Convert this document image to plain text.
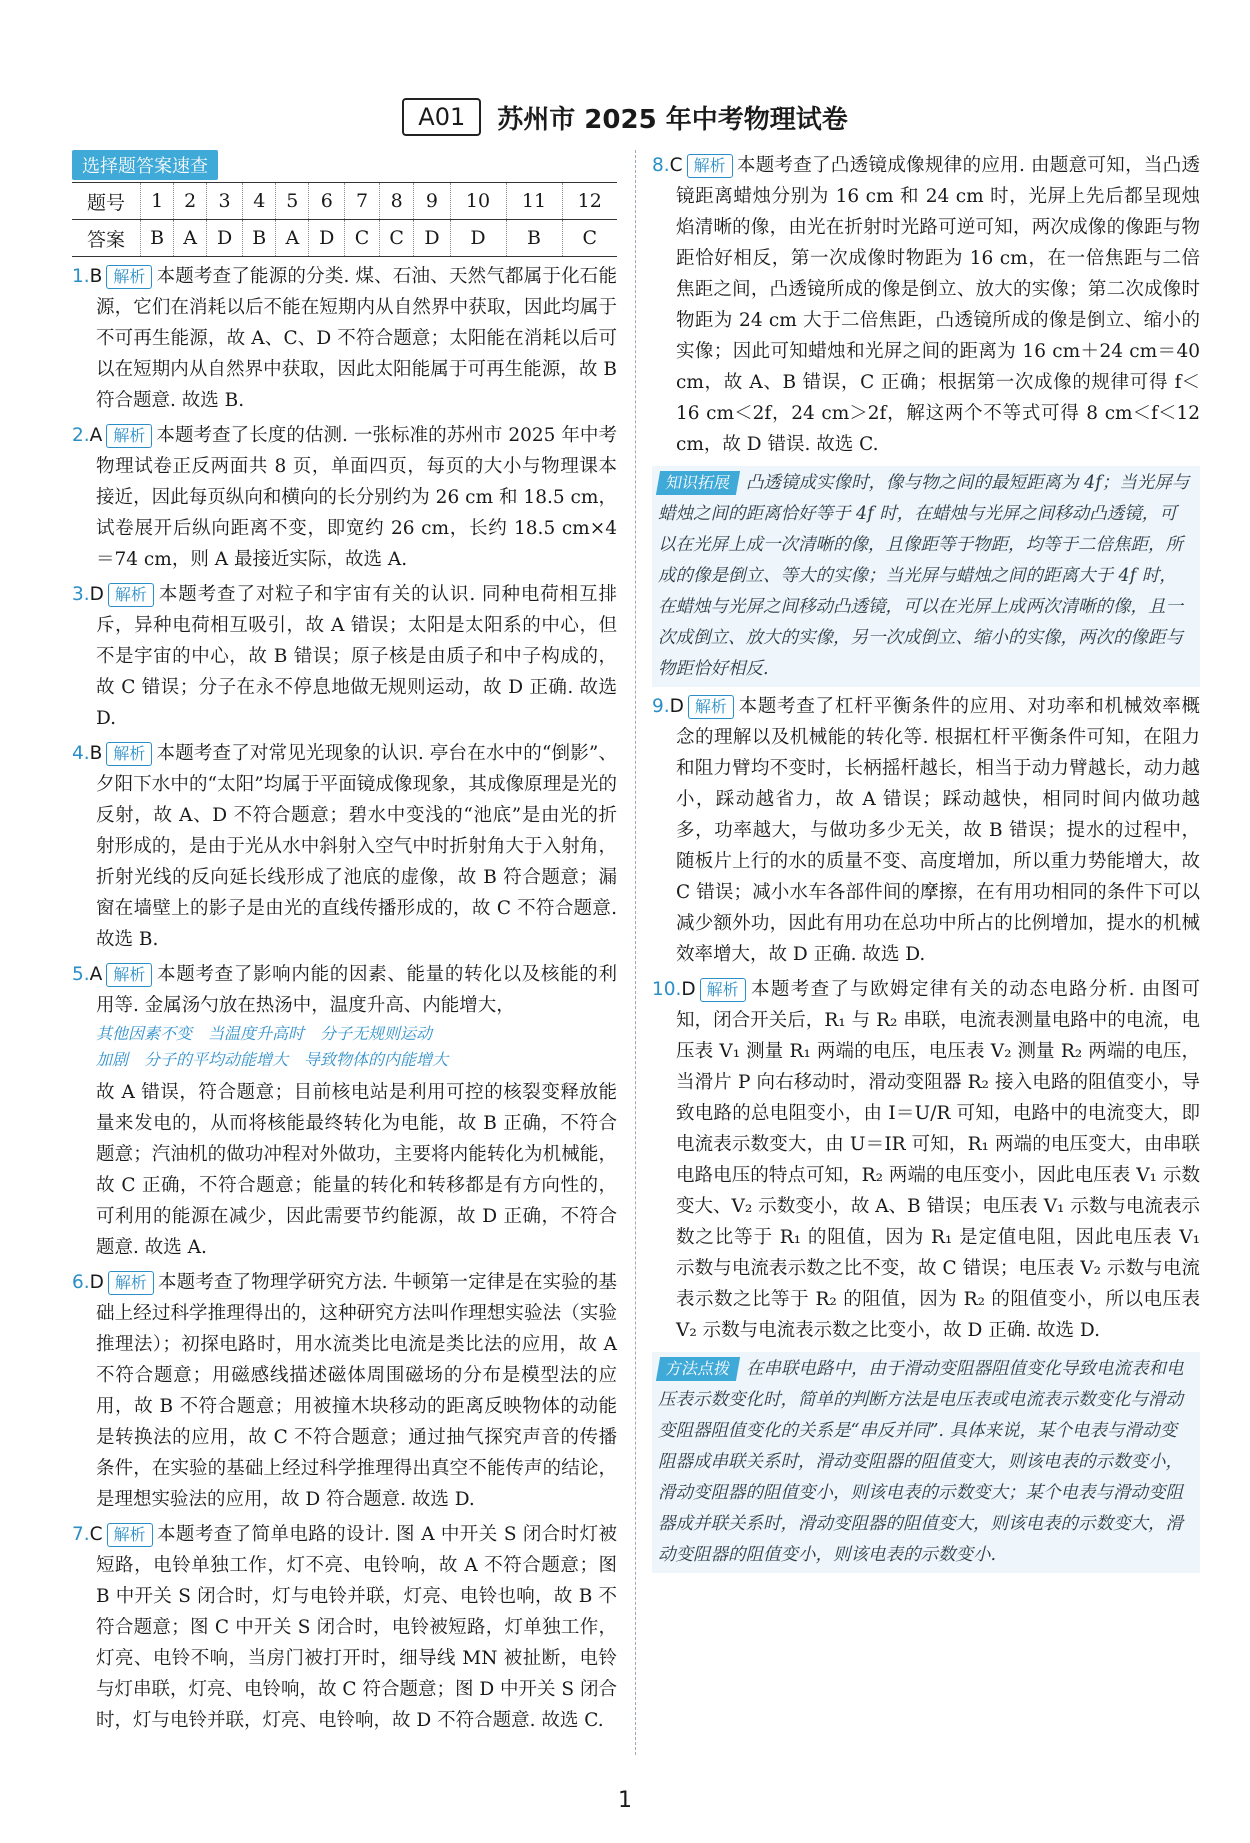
A01	苏州市 2025 年中考物理试卷
选择题答案速查
题号	1	2	3	4	5	6	7	8	9	10	11	12
答案	B	A	D	B	A	D	C	C	D	D	B	C

1.B 解析 本题考查了能源的分类. 煤、石油、天然气都属于化石能源，它们在消耗以后不能在短期内从自然界中获取，因此均属于不可再生能源，故 A、C、D 不符合题意；太阳能在消耗以后可以在短期内从自然界中获取，因此太阳能属于可再生能源，故 B 符合题意. 故选 B.

2.A 解析 本题考查了长度的估测. 一张标准的苏州市 2025 年中考物理试卷正反两面共 8 页，单面四页，每页的大小与物理课本接近，因此每页纵向和横向的长分别约为 26 cm 和 18.5 cm，试卷展开后纵向距离不变，即宽约 26 cm，长约 18.5 cm×4＝74 cm，则 A 最接近实际，故选 A.

3.D 解析 本题考查了对粒子和宇宙有关的认识. 同种电荷相互排斥，异种电荷相互吸引，故 A 错误；太阳是太阳系的中心，但不是宇宙的中心，故 B 错误；原子核是由质子和中子构成的，故 C 错误；分子在永不停息地做无规则运动，故 D 正确. 故选 D.

4.B 解析 本题考查了对常见光现象的认识. 亭台在水中的“倒影”、夕阳下水中的“太阳”均属于平面镜成像现象，其成像原理是光的反射，故 A、D 不符合题意；碧水中变浅的“池底”是由光的折射形成的，是由于光从水中斜射入空气中时折射角大于入射角，折射光线的反向延长线形成了池底的虚像，故 B 符合题意；漏窗在墙壁上的影子是由光的直线传播形成的，故 C 不符合题意. 故选 B.

5.A 解析 本题考查了影响内能的因素、能量的转化以及核能的利用等. 金属汤勺放在热汤中，温度升高、内能增大，

其他因素不变　当温度升高时　分子无规则运动

加剧　分子的平均动能增大　导致物体的内能增大

故 A 错误，符合题意；目前核电站是利用可控的核裂变释放能量来发电的，从而将核能最终转化为电能，故 B 正确，不符合题意；汽油机的做功冲程对外做功，主要将内能转化为机械能，故 C 正确，不符合题意；能量的转化和转移都是有方向性的，可利用的能源在减少，因此需要节约能源，故 D 正确，不符合题意. 故选 A.

6.D 解析 本题考查了物理学研究方法. 牛顿第一定律是在实验的基础上经过科学推理得出的，这种研究方法叫作理想实验法（实验推理法）；初探电路时，用水流类比电流是类比法的应用，故 A 不符合题意；用磁感线描述磁体周围磁场的分布是模型法的应用，故 B 不符合题意；用被撞木块移动的距离反映物体的动能是转换法的应用，故 C 不符合题意；通过抽气探究声音的传播条件，在实验的基础上经过科学推理得出真空不能传声的结论，是理想实验法的应用，故 D 符合题意. 故选 D.

7.C 解析 本题考查了简单电路的设计. 图 A 中开关 S 闭合时灯被短路，电铃单独工作，灯不亮、电铃响，故 A 不符合题意；图 B 中开关 S 闭合时，灯与电铃并联，灯亮、电铃也响，故 B 不符合题意；图 C 中开关 S 闭合时，电铃被短路，灯单独工作，灯亮、电铃不响，当房门被打开时，细导线 MN 被扯断，电铃与灯串联，灯亮、电铃响，故 C 符合题意；图 D 中开关 S 闭合时，灯与电铃并联，灯亮、电铃响，故 D 不符合题意. 故选 C.

8.C 解析 本题考查了凸透镜成像规律的应用. 由题意可知，当凸透镜距离蜡烛分别为 16 cm 和 24 cm 时，光屏上先后都呈现烛焰清晰的像，由光在折射时光路可逆可知，两次成像的像距与物距恰好相反，第一次成像时物距为 16 cm，在一倍焦距与二倍焦距之间，凸透镜所成的像是倒立、放大的实像；第二次成像时物距为 24 cm 大于二倍焦距，凸透镜所成的像是倒立、缩小的实像；因此可知蜡烛和光屏之间的距离为 16 cm＋24 cm＝40 cm，故 A、B 错误，C 正确；根据第一次成像的规律可得 f＜16 cm＜2f，24 cm＞2f，解这两个不等式可得 8 cm＜f＜12 cm，故 D 错误. 故选 C.

知识拓展 凸透镜成实像时，像与物之间的最短距离为 4f；当光屏与蜡烛之间的距离恰好等于 4f 时，在蜡烛与光屏之间移动凸透镜，可以在光屏上成一次清晰的像，且像距等于物距，均等于二倍焦距，所成的像是倒立、等大的实像；当光屏与蜡烛之间的距离大于 4f 时，在蜡烛与光屏之间移动凸透镜，可以在光屏上成两次清晰的像，且一次成倒立、放大的实像，另一次成倒立、缩小的实像，两次的像距与物距恰好相反.

9.D 解析 本题考查了杠杆平衡条件的应用、对功率和机械效率概念的理解以及机械能的转化等. 根据杠杆平衡条件可知，在阻力和阻力臂均不变时，长柄摇杆越长，相当于动力臂越长，动力越小，踩动越省力，故 A 错误；踩动越快，相同时间内做功越多，功率越大，与做功多少无关，故 B 错误；提水的过程中，随板片上行的水的质量不变、高度增加，所以重力势能增大，故 C 错误；减小水车各部件间的摩擦，在有用功相同的条件下可以减少额外功，因此有用功在总功中所占的比例增加，提水的机械效率增大，故 D 正确. 故选 D.

10.D 解析 本题考查了与欧姆定律有关的动态电路分析. 由图可知，闭合开关后，R₁ 与 R₂ 串联，电流表测量电路中的电流，电压表 V₁ 测量 R₁ 两端的电压，电压表 V₂ 测量 R₂ 两端的电压，当滑片 P 向右移动时，滑动变阻器 R₂ 接入电路的阻值变小，导致电路的总电阻变小，由 I＝U/R 可知，电路中的电流变大，即电流表示数变大，由 U＝IR 可知，R₁ 两端的电压变大，由串联电路电压的特点可知，R₂ 两端的电压变小，因此电压表 V₁ 示数变大、V₂ 示数变小，故 A、B 错误；电压表 V₁ 示数与电流表示数之比等于 R₁ 的阻值，因为 R₁ 是定值电阻，因此电压表 V₁ 示数与电流表示数之比不变，故 C 错误；电压表 V₂ 示数与电流表示数之比等于 R₂ 的阻值，因为 R₂ 的阻值变小，所以电压表 V₂ 示数与电流表示数之比变小，故 D 正确. 故选 D.

方法点拨 在串联电路中，由于滑动变阻器阻值变化导致电流表和电压表示数变化时，简单的判断方法是电压表或电流表示数变化与滑动变阻器阻值变化的关系是“串反并同”. 具体来说，某个电表与滑动变阻器成串联关系时，滑动变阻器的阻值变大，则该电表的示数变小，滑动变阻器的阻值变小，则该电表的示数变大；某个电表与滑动变阻器成并联关系时，滑动变阻器的阻值变大，则该电表的示数变大，滑动变阻器的阻值变小，则该电表的示数变小.

1
